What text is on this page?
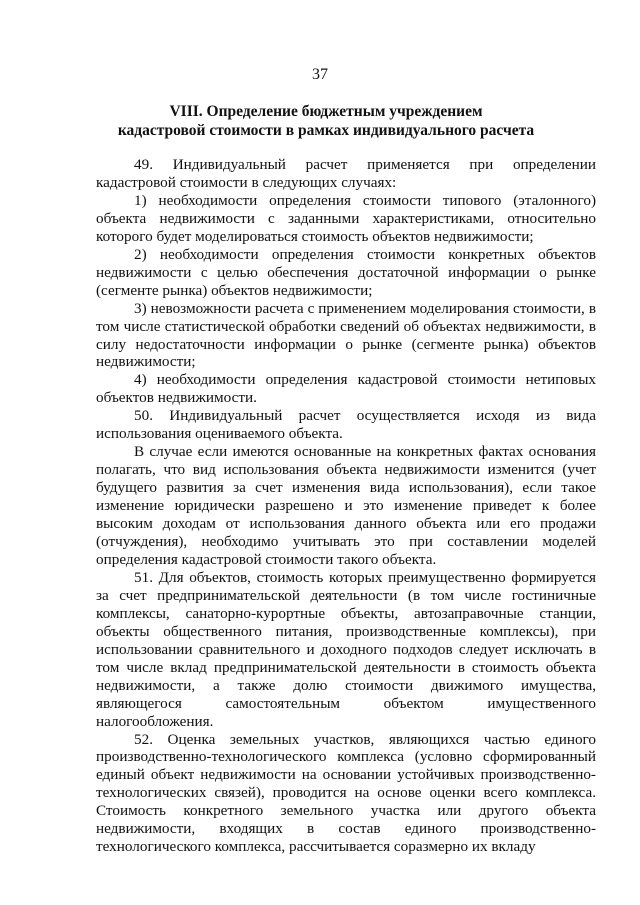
37
VIII. Определение бюджетным учреждением
кадастровой стоимости в рамках индивидуального расчета

49. Индивидуальный расчет применяется при определении кадастровой стоимости в следующих случаях:

1) необходимости определения стоимости типового (эталонного) объекта недвижимости с заданными характеристиками, относительно которого будет моделироваться стоимость объектов недвижимости;

2) необходимости определения стоимости конкретных объектов недвижимости с целью обеспечения достаточной информации о рынке (сегменте рынка) объектов недвижимости;

3) невозможности расчета с применением моделирования стоимости, в том числе статистической обработки сведений об объектах недвижимости, в силу недостаточности информации о рынке (сегменте рынка) объектов недвижимости;

4) необходимости определения кадастровой стоимости нетиповых объектов недвижимости.

50. Индивидуальный расчет осуществляется исходя из вида использования оцениваемого объекта.

В случае если имеются основанные на конкретных фактах основания полагать, что вид использования объекта недвижимости изменится (учет будущего развития за счет изменения вида использования), если такое изменение юридически разрешено и это изменение приведет к более высоким доходам от использования данного объекта или его продажи (отчуждения), необходимо учитывать это при составлении моделей определения кадастровой стоимости такого объекта.

51. Для объектов, стоимость которых преимущественно формируется за счет предпринимательской деятельности (в том числе гостиничные комплексы, санаторно-курортные объекты, автозаправочные станции, объекты общественного питания, производственные комплексы), при использовании сравнительного и доходного подходов следует исключать в том числе вклад предпринимательской деятельности в стоимость объекта недвижимости, а также долю стоимости движимого имущества, являющегося самостоятельным объектом имущественного налогообложения.

52. Оценка земельных участков, являющихся частью единого производственно-технологического комплекса (условно сформированный единый объект недвижимости на основании устойчивых производственно-технологических связей), проводится на основе оценки всего комплекса. Стоимость конкретного земельного участка или другого объекта недвижимости, входящих в состав единого производственно-технологического комплекса, рассчитывается соразмерно их вкладу
